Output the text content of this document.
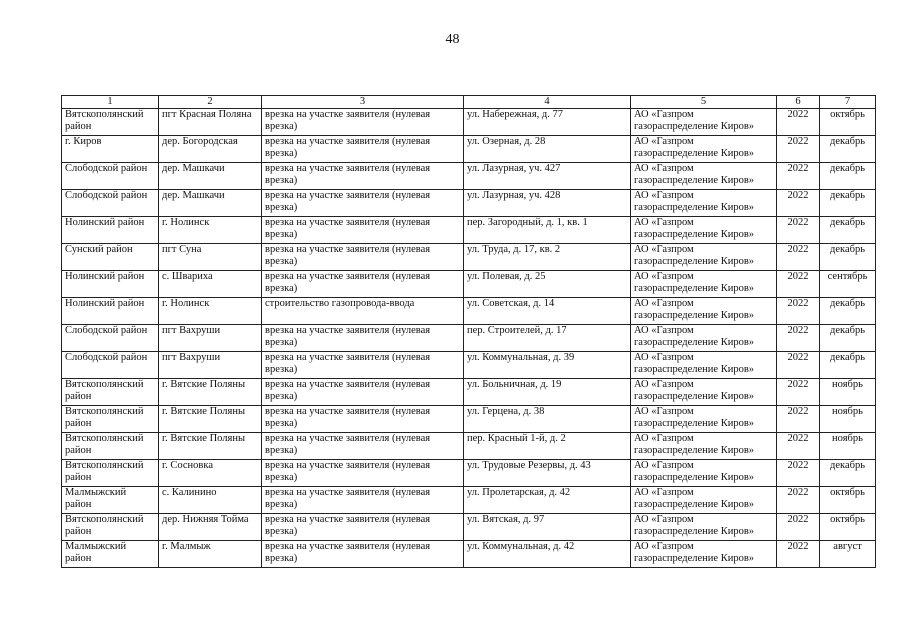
48
1	2	3	4	5	6	7
Вятскополянский район	пгт Красная Поляна	врезка на участке заявителя (нулевая врезка)	ул. Набережная, д. 77	АО «Газпром газораспределение Киров»	2022	октябрь
г. Киров	дер. Богородская	врезка на участке заявителя (нулевая врезка)	ул. Озерная, д. 28	АО «Газпром газораспределение Киров»	2022	декабрь
Слободской район	дер. Машкачи	врезка на участке заявителя (нулевая врезка)	ул. Лазурная, уч. 427	АО «Газпром газораспределение Киров»	2022	декабрь
Слободской район	дер. Машкачи	врезка на участке заявителя (нулевая врезка)	ул. Лазурная, уч. 428	АО «Газпром газораспределение Киров»	2022	декабрь
Нолинский район	г. Нолинск	врезка на участке заявителя (нулевая врезка)	пер. Загородный, д. 1, кв. 1	АО «Газпром газораспределение Киров»	2022	декабрь
Сунский район	пгт Суна	врезка на участке заявителя (нулевая врезка)	ул. Труда, д. 17, кв. 2	АО «Газпром газораспределение Киров»	2022	декабрь
Нолинский район	с. Швариха	врезка на участке заявителя (нулевая врезка)	ул. Полевая, д. 25	АО «Газпром газораспределение Киров»	2022	сентябрь
Нолинский район	г. Нолинск	строительство газопровода-ввода	ул. Советская, д. 14	АО «Газпром газораспределение Киров»	2022	декабрь
Слободской район	пгт Вахруши	врезка на участке заявителя (нулевая врезка)	пер. Строителей, д. 17	АО «Газпром газораспределение Киров»	2022	декабрь
Слободской район	пгт Вахруши	врезка на участке заявителя (нулевая врезка)	ул. Коммунальная, д. 39	АО «Газпром газораспределение Киров»	2022	декабрь
Вятскополянский район	г. Вятские Поляны	врезка на участке заявителя (нулевая врезка)	ул. Больничная, д. 19	АО «Газпром газораспределение Киров»	2022	ноябрь
Вятскополянский район	г. Вятские Поляны	врезка на участке заявителя (нулевая врезка)	ул. Герцена, д. 38	АО «Газпром газораспределение Киров»	2022	ноябрь
Вятскополянский район	г. Вятские Поляны	врезка на участке заявителя (нулевая врезка)	пер. Красный 1-й, д. 2	АО «Газпром газораспределение Киров»	2022	ноябрь
Вятскополянский район	г. Сосновка	врезка на участке заявителя (нулевая врезка)	ул. Трудовые Резервы, д. 43	АО «Газпром газораспределение Киров»	2022	декабрь
Малмыжский район	с. Калинино	врезка на участке заявителя (нулевая врезка)	ул. Пролетарская, д. 42	АО «Газпром газораспределение Киров»	2022	октябрь
Вятскополянский район	дер. Нижняя Тойма	врезка на участке заявителя (нулевая врезка)	ул. Вятская, д. 97	АО «Газпром газораспределение Киров»	2022	октябрь
Малмыжский район	г. Малмыж	врезка на участке заявителя (нулевая врезка)	ул. Коммунальная, д. 42	АО «Газпром газораспределение Киров»	2022	август
